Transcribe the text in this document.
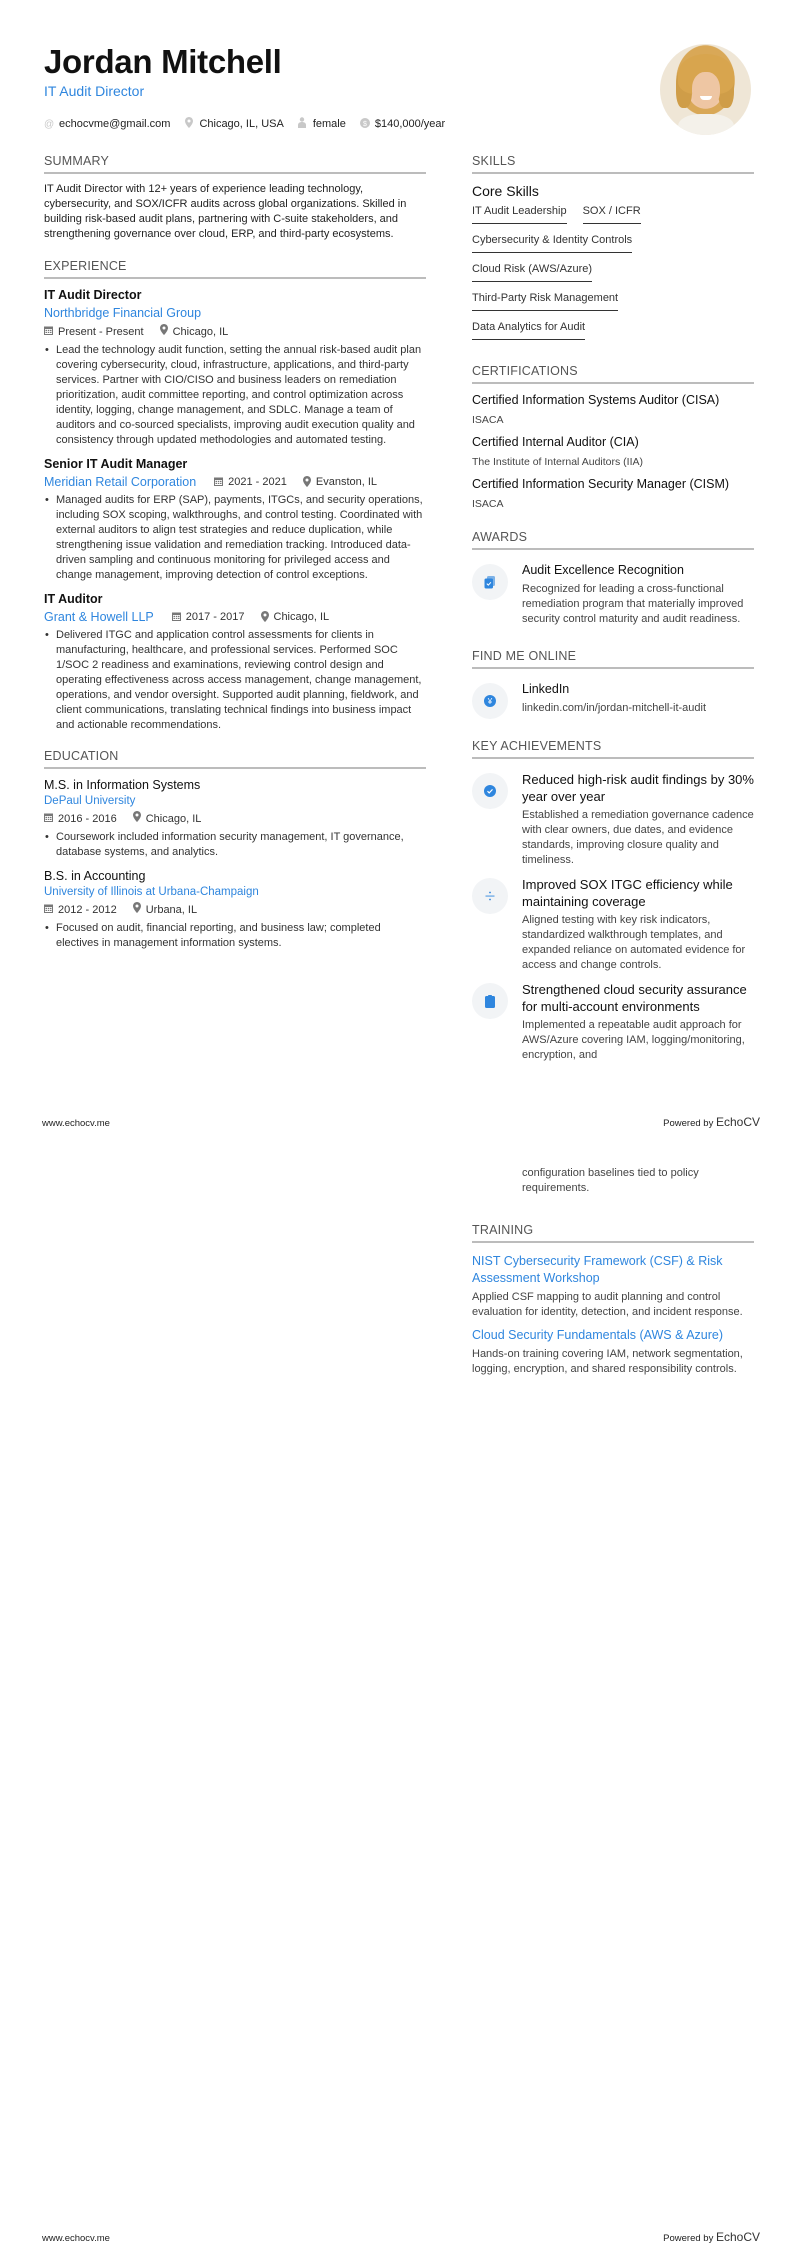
Jordan Mitchell
IT Audit Director
@ echocvme@gmail.com	Chicago, IL, USA	female $ $140,000/year
SUMMARY
IT Audit Director with 12+ years of experience leading technology, cybersecurity, and SOX/ICFR audits across global organizations. Skilled in building risk-based audit plans, partnering with C-suite stakeholders, and strengthening governance over cloud, ERP, and third-party ecosystems.
EXPERIENCE
IT Audit Director
Northbridge Financial Group
Present - Present	Chicago, IL
• Lead the technology audit function, setting the annual risk-based audit plan covering cybersecurity, cloud, infrastructure, applications, and third-party services. Partner with CIO/CISO and business leaders on remediation prioritization, audit committee reporting, and control optimization across identity, logging, change management, and SDLC. Manage a team of auditors and co-sourced specialists, improving audit execution quality and consistency through updated methodologies and automated testing.
Senior IT Audit Manager
Meridian Retail Corporation	2021 - 2021	Evanston, IL
• Managed audits for ERP (SAP), payments, ITGCs, and security operations, including SOX scoping, walkthroughs, and control testing. Coordinated with external auditors to align test strategies and reduce duplication, while strengthening issue validation and remediation tracking. Introduced data-driven sampling and continuous monitoring for privileged access and change management, improving detection of control exceptions.
IT Auditor
Grant & Howell LLP	2017 - 2017	Chicago, IL
• Delivered ITGC and application control assessments for clients in manufacturing, healthcare, and professional services. Performed SOC 1/SOC 2 readiness and examinations, reviewing control design and operating effectiveness across access management, change management, operations, and vendor oversight. Supported audit planning, fieldwork, and client communications, translating technical findings into business impact and actionable recommendations.
EDUCATION
M.S. in Information Systems
DePaul University
2016 - 2016	Chicago, IL
• Coursework included information security management, IT governance, database systems, and analytics.
B.S. in Accounting
University of Illinois at Urbana-Champaign
2012 - 2012	Urbana, IL
• Focused on audit, financial reporting, and business law; completed electives in management information systems.
SKILLS
Core Skills
IT Audit Leadership SOX / ICFR
Cybersecurity & Identity Controls
Cloud Risk (AWS/Azure)
Third-Party Risk Management
Data Analytics for Audit
CERTIFICATIONS
Certified Information Systems Auditor (CISA)
ISACA
Certified Internal Auditor (CIA)
The Institute of Internal Auditors (IIA)
Certified Information Security Manager (CISM)
ISACA
AWARDS
Audit Excellence Recognition
Recognized for leading a cross-functional remediation program that materially improved security control maturity and audit readiness.
FIND ME ONLINE
¥
LinkedIn
linkedin.com/in/jordan-mitchell-it-audit
KEY ACHIEVEMENTS
Reduced high-risk audit findings by 30% year over year
Established a remediation governance cadence with clear owners, due dates, and evidence standards, improving closure quality and timeliness.
Improved SOX ITGC efficiency while maintaining coverage
Aligned testing with key risk indicators, standardized walkthrough templates, and expanded reliance on automated evidence for access and change controls.
Strengthened cloud security assurance for multi-account environments
Implemented a repeatable audit approach for AWS/Azure covering IAM, logging/monitoring, encryption, and
www.echocv.me	Powered by EchoCV
configuration baselines tied to policy requirements.
TRAINING
NIST Cybersecurity Framework (CSF) & Risk Assessment Workshop
Applied CSF mapping to audit planning and control evaluation for identity, detection, and incident response.
Cloud Security Fundamentals (AWS & Azure)
Hands-on training covering IAM, network segmentation, logging, encryption, and shared responsibility controls.
www.echocv.me	Powered by EchoCV
